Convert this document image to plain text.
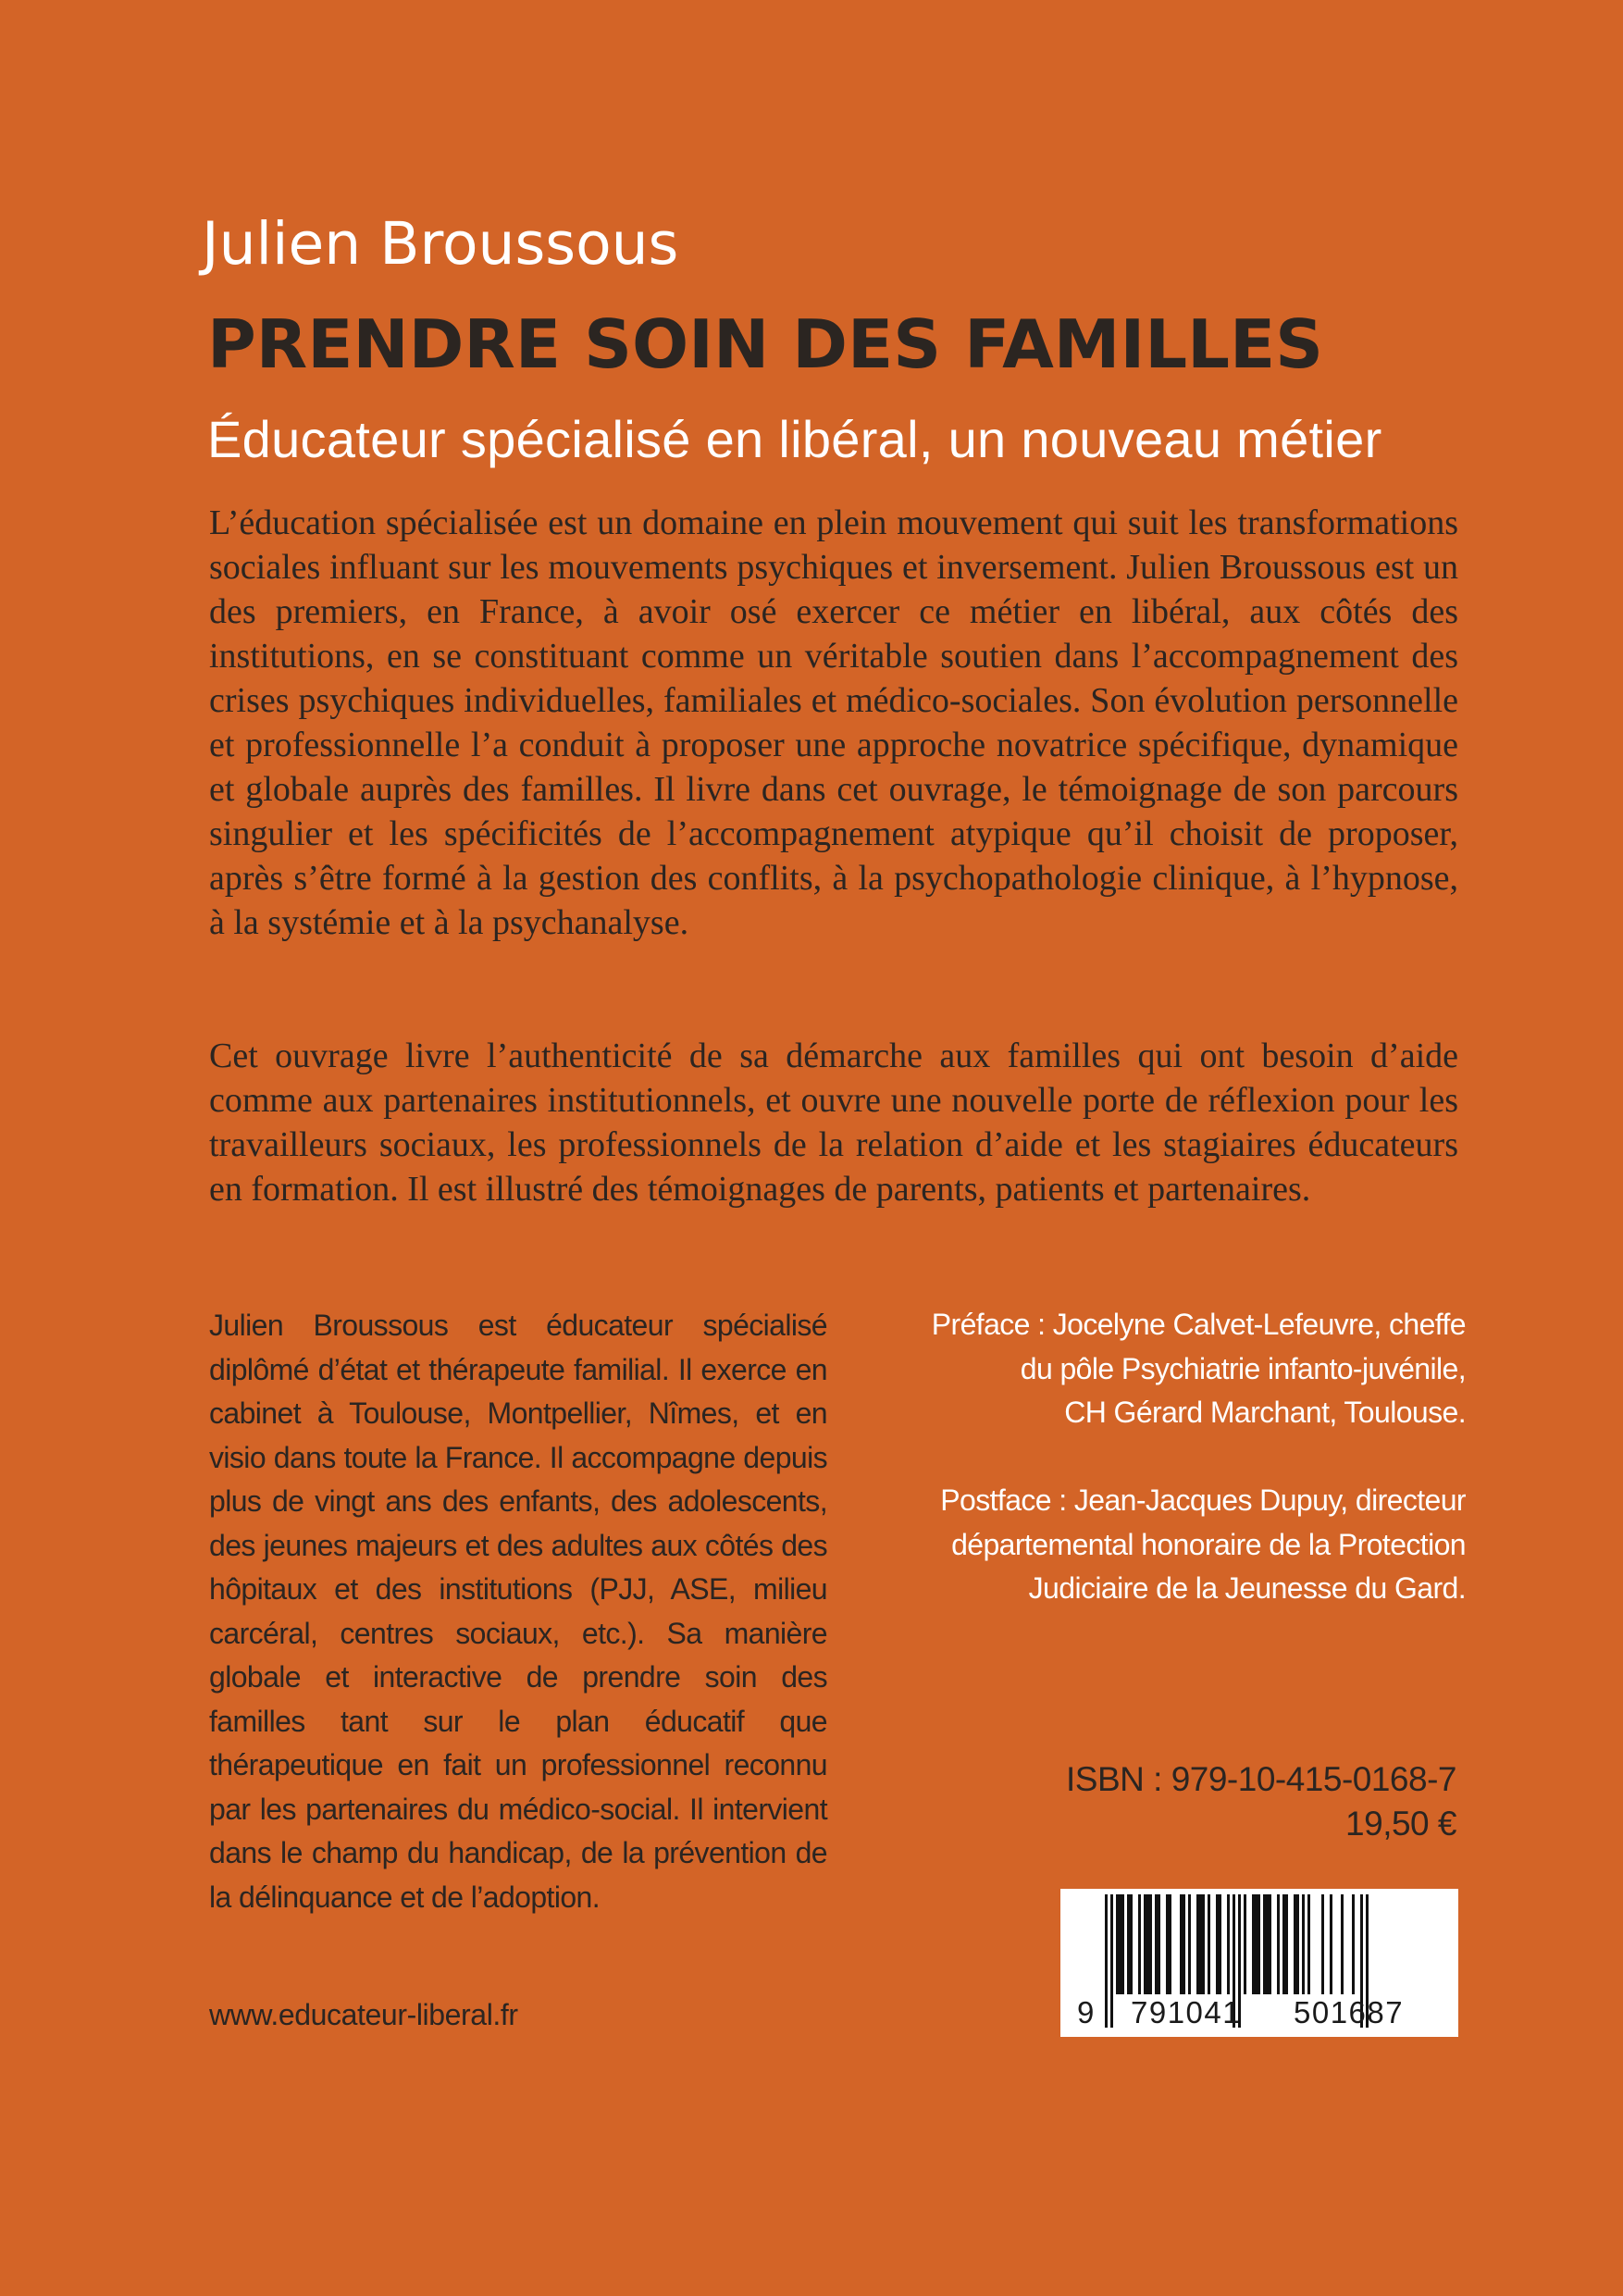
Julien Broussous
PRENDRE SOIN DES FAMILLES
Éducateur spécialisé en libéral, un nouveau métier

L’éducation spécialisée est un domaine en plein mouvement qui suit les transformations sociales influant sur les mouvements psychiques et inversement. Julien Broussous est un des premiers, en France, à avoir osé exercer ce métier en libéral, aux côtés des institutions, en se constituant comme un véritable soutien dans l’accompagnement des crises psychiques individuelles, familiales et médico-sociales. Son évolution personnelle et professionnelle l’a conduit à proposer une approche novatrice spécifique, dynamique et globale auprès des familles. Il livre dans cet ouvrage, le témoignage de son parcours singulier et les spécificités de l’accompagnement atypique qu’il choisit de proposer, après s’être formé à la gestion des conflits, à la psychopathologie clinique, à l’hypnose, à la systémie et à la psychanalyse.

Cet ouvrage livre l’authenticité de sa démarche aux familles qui ont besoin d’aide comme aux partenaires institutionnels, et ouvre une nouvelle porte de réflexion pour les travailleurs sociaux, les professionnels de la relation d’aide et les stagiaires éducateurs en formation. Il est illustré des témoignages de parents, patients et partenaires.

Julien Broussous est éducateur spécialisé diplômé d’état et thérapeute familial. Il exerce en cabinet à Toulouse, Montpellier, Nîmes, et en visio dans toute la France. Il accompagne depuis plus de vingt ans des enfants, des adolescents, des jeunes majeurs et des adultes aux côtés des hôpitaux et des institutions (PJJ, ASE, milieu carcéral, centres sociaux, etc.). Sa manière globale et interactive de prendre soin des familles tant sur le plan éducatif que thérapeutique en fait un professionnel reconnu par les partenaires du médico-social. Il intervient dans le champ du handicap, de la prévention de la délinquance et de l’adoption.

www.educateur-liberal.fr

Préface : Jocelyne Calvet-Lefeuvre, cheffe
du pôle Psychiatrie infanto-juvénile,
CH Gérard Marchant, Toulouse.

Postface : Jean-Jacques Dupuy, directeur
départemental honoraire de la Protection
Judiciaire de la Jeunesse du Gard.

ISBN : 979-10-415-0168-7
19,50 €

9 791041 501687
